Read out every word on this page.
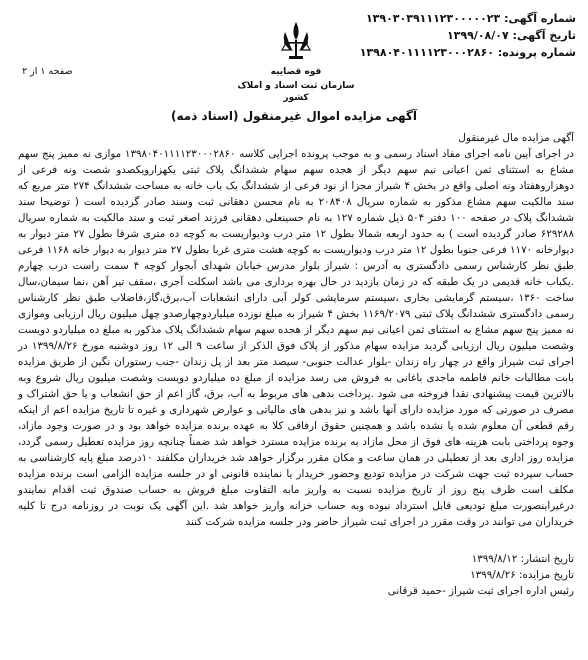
شماره آگهی: ۱۳۹۰۳۰۳۹۱۱۱۲۳۰۰۰۰۰۲۳
تاریخ آگهی: ۱۳۹۹/۰۸/۰۷
شماره پرونده: ۱۳۹۸۰۴۰۱۱۱۱۲۳۰۰۰۲۸۶۰
قوه قضاییه
سازمان ثبت اسناد و املاک کشور
صفحه ۱ از ۲
آگهی مزایده اموال غیرمنقول (اسناد ذمه)

آگهی مزایده مال غیرمنقول

در اجرای آیین نامه اجرای مفاد اسناد رسمی و به موجب پرونده اجرایی کلاسه ۱۳۹۸۰۴۰۱۱۱۱۲۳۰۰۰۲۸۶۰ موازی نه ممیز پنج سهم مشاع به استثنای ثمن اعیانی نیم سهم دیگر از هجده سهم سهام ششدانگ پلاک ثبتی یکهزارویکصدو شصت ونه فرعی از دوهزاروهفتاد ونه اصلی واقع در بخش ۴ شیراز مجزا از نود فرعی از ششدانگ یک باب خانه به مساحت ششدانگ ۲۷۴ متر مربع که سند مالکیت سهم مشاع مذکور به شماره سریال ۲۰۸۴۰۸ به نام محسن دهقانی ثبت وسند صادر گردیده است ( توضیحا سند ششدانگ پلاک در صفحه ۱۰۰ دفتر ۵۰۴ ذیل شماره ۱۲۷ به نام حسینعلی دهقانی فرزند اصغر ثبت و سند مالکیت به شماره سریال ۶۲۹۲۸۸ صادر گردیده است ) به حدود اربعه شمالا بطول ۱۲ متر درب ودیواریست به کوچه ده متری شرقا بطول ۲۷ متر دیوار به دیوارخانه ۱۱۷۰ فرعی جنوبا بطول ۱۲ متر درب ودیواریست به کوچه هشت متری غربا بطول ۲۷ متر دیوار به دیوار خانه ۱۱۶۸ فرعی طبق نظر کارشناس رسمی دادگستری به آدرس : شیراز بلوار مدرس خیابان شهدای آبجوار کوچه ۴ سمت راست درب چهارم .یکباب خانه قدیمی در یک طبقه که در زمان بازدید در حال بهره برداری می باشد اسکلت آجری ،سقف تیر آهن ،نما سیمان،سال ساخت ۱۳۶۰ ،سیستم گرمایشی بخاری ،سیستم سرمایشی کولر آبی دارای انشعابات آب،برق،گاز،فاضلاب طبق نظر کارشناس رسمی دادگستری ششدانگ پلاک ثبتی ۱۱۶۹/۲۰۷۹ بخش ۴ شیراز به مبلغ نوزده میلیاردوچهارصدو چهل میلیون ریال ارزیابی وموازی نه ممیز پنج سهم مشاع به استثنای ثمن اعیانی نیم سهم دیگر از هجده سهم سهام ششدانگ پلاک مذکور به مبلغ ده میلیاردو دویست وشصت میلیون ریال ارزیابی گردید مزایده سهام مذکور از پلاک فوق الذکر از ساعت ۹ الی ۱۲ روز دوشنبه مورخ ۱۳۹۹/۸/۲۶ در اجرای ثبت شیراز واقع در چهار راه زندان -بلوار عدالت جنوبی- سیصد متر بعد از پل زندان -جنب رستوران نگین از طریق مزایده بابت مطالبات خانم فاطمه ماجدی باغانی به فروش می رسد مزایده از مبلغ ده میلیاردو دویست وشصت میلیون ریال شروع وبه بالاترین قیمت پیشنهادی نقدا فروخته می شود .پرداخت بدهی های مربوط به آب، برق، گاز اعم از حق انشعاب و یا حق اشتراک و مصرف در صورتی که مورد مزایده دارای آنها باشد و نیز بدهی های مالیاتی و عوارض شهرداری و غیره تا تاریخ مزایده اعم از اینکه رقم قطعی آن معلوم شده یا نشده باشد و همچنین حقوق ارفاقی کلا به عهده برنده مزایده خواهد بود و در صورت وجود مازاد، وجوه پرداختی بابت هزینه های فوق از محل مازاد به برنده مزایده مسترد خواهد شد ضمناً چنانچه روز مزایده تعطیل رسمی گردد، مزایده روز اداری بعد از تعطیلی در همان ساعت و مکان مقرر برگزار خواهد شد خریداران مکلفند ۱۰درصد مبلغ پایه کارشناسی به حساب سپرده ثبت جهت شرکت در مزایده تودیع وحضور خریدار یا نماینده قانونی او در جلسه مزایده الزامی است برنده مزایده مکلف است ظرف پنج روز از تاریخ مزایده نسبت به واریز مابه التفاوت مبلغ فروش به حساب صندوق ثبت اقدام نمایندو درغیراینصورت مبلغ تودیعی قابل استرداد نبوده وبه حساب خزانه واریز خواهد شد .این آگهی یک نوبت در روزنامه درج تا کلیه خریداران می توانند در وقت مقرر در اجرای ثبت شیراز حاضر ودر جلسه مزایده شرکت کنند

تاریخ انتشار: ۱۳۹۹/۸/۱۲
تاریخ مزایده: ۱۳۹۹/۸/۲۶
رئیس اداره اجرای ثبت شیراز -حمید قرقانی
